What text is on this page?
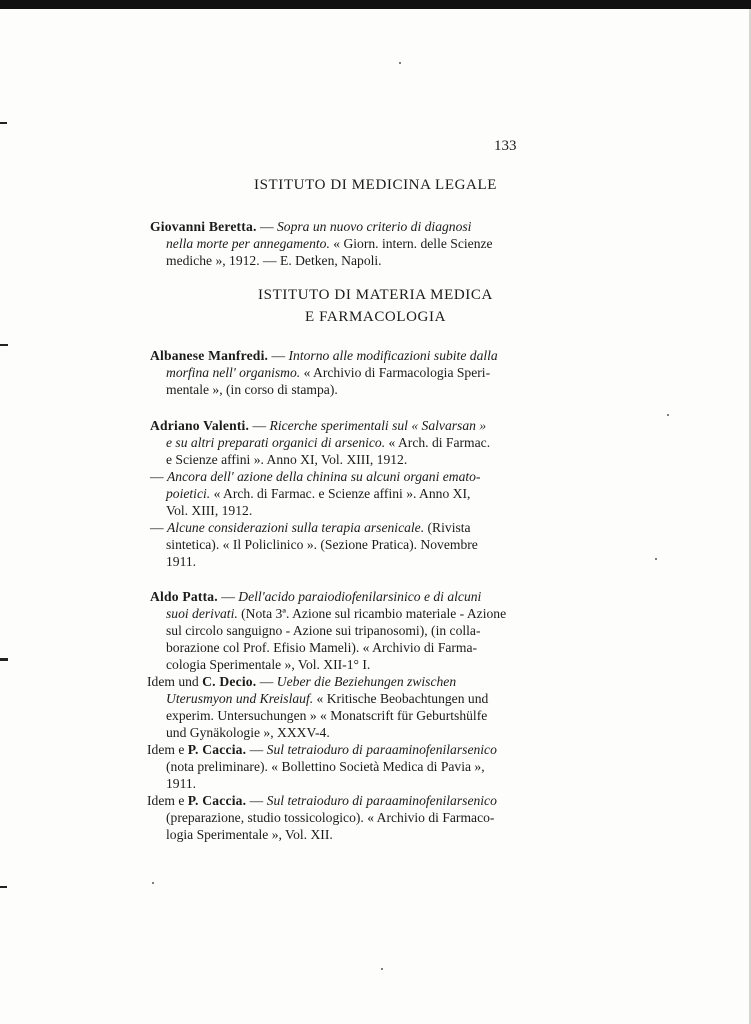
133
ISTITUTO DI MEDICINA LEGALE
Giovanni Beretta. — Sopra un nuovo criterio di diagnosi
nella morte per annegamento. « Giorn. intern. delle Scienze
mediche », 1912. — E. Detken, Napoli.
ISTITUTO DI MATERIA MEDICA
E FARMACOLOGIA
Albanese Manfredi. — Intorno alle modificazioni subite dalla
morfina nell' organismo. « Archivio di Farmacologia Speri-
mentale », (in corso di stampa).
Adriano Valenti. — Ricerche sperimentali sul « Salvarsan »
e su altri preparati organici di arsenico. « Arch. di Farmac.
e Scienze affini ». Anno XI, Vol. XIII, 1912.
— Ancora dell' azione della chinina su alcuni organi emato-
poietici. « Arch. di Farmac. e Scienze affini ». Anno XI,
Vol. XIII, 1912.
— Alcune considerazioni sulla terapia arsenicale. (Rivista
sintetica). « Il Policlinico ». (Sezione Pratica). Novembre
1911.
Aldo Patta. — Dell'acido paraiodiofenilarsinico e di alcuni
suoi derivati. (Nota 3ª. Azione sul ricambio materiale - Azione
sul circolo sanguigno - Azione sui tripanosomi), (in colla-
borazione col Prof. Efisio Mameli). « Archivio di Farma-
cologia Sperimentale », Vol. XII-1° I.
Idem und C. Decio. — Ueber die Beziehungen zwischen
Uterusmyon und Kreislauf. « Kritische Beobachtungen und
experim. Untersuchungen » « Monatscrift für Geburtshülfe
und Gynäkologie », XXXV-4.
Idem e P. Caccia. — Sul tetraioduro di paraaminofenilarsenico
(nota preliminare). « Bollettino Società Medica di Pavia »,
1911.
Idem e P. Caccia. — Sul tetraioduro di paraaminofenilarsenico
(preparazione, studio tossicologico). « Archivio di Farmaco-
logia Sperimentale », Vol. XII.
